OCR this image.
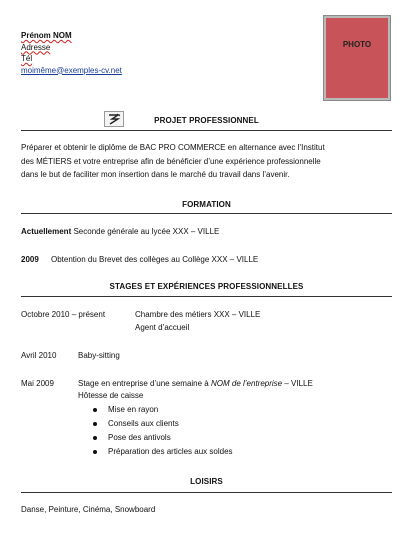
Prénom NOM
Adresse
Tél
moimême@exemples-cv.net
PHOTO
PROJET PROFESSIONNEL
Préparer et obtenir le diplôme de BAC PRO COMMERCE en alternance avec l’Institut
des MÉTIERS et votre entreprise afin de bénéficier d’une expérience professionnelle
dans le but de faciliter mon insertion dans le marché du travail dans l’avenir.
FORMATION
Actuellement Seconde générale au lycée XXX – VILLE
2009 Obtention du Brevet des collèges au Collège XXX – VILLE
STAGES ET EXPÉRIENCES PROFESSIONNELLES
Octobre 2010 – présent	Chambre des métiers XXX – VILLE
Agent d’accueil
Avril 2010	Baby-sitting
Mai 2009	Stage en entreprise d’une semaine à NOM de l’entreprise – VILLE
Hôtesse de caisse
Mise en rayon
Conseils aux clients
Pose des antivols
Préparation des articles aux soldes
LOISIRS
Danse, Peinture, Cinéma, Snowboard
